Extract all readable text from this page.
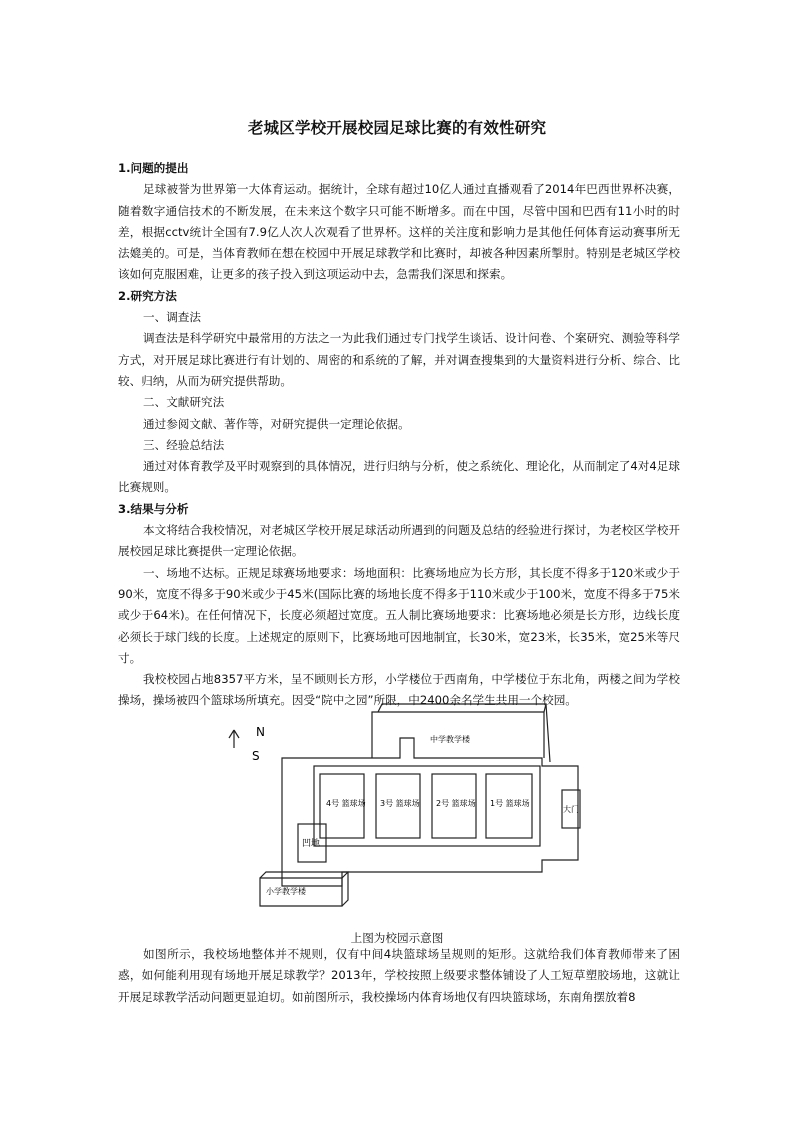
老城区学校开展校园足球比赛的有效性研究
1.问题的提出

足球被誉为世界第一大体育运动。据统计，全球有超过10亿人通过直播观看了2014年巴西世界杯决赛，随着数字通信技术的不断发展，在未来这个数字只可能不断增多。而在中国，尽管中国和巴西有11小时的时差，根据cctv统计全国有7.9亿人次人次观看了世界杯。这样的关注度和影响力是其他任何体育运动赛事所无法媲美的。可是，当体育教师在想在校园中开展足球教学和比赛时，却被各种因素所掣肘。特别是老城区学校该如何克服困难，让更多的孩子投入到这项运动中去，急需我们深思和探索。

2.研究方法

一、调查法

调查法是科学研究中最常用的方法之一为此我们通过专门找学生谈话、设计问卷、个案研究、测验等科学方式，对开展足球比赛进行有计划的、周密的和系统的了解，并对调查搜集到的大量资料进行分析、综合、比较、归纳，从而为研究提供帮助。

二、文献研究法

通过参阅文献、著作等，对研究提供一定理论依据。

三、经验总结法

通过对体育教学及平时观察到的具体情况，进行归纳与分析，使之系统化、理论化，从而制定了4对4足球比赛规则。

3.结果与分析

本文将结合我校情况，对老城区学校开展足球活动所遇到的问题及总结的经验进行探讨，为老校区学校开展校园足球比赛提供一定理论依据。

一、场地不达标。正规足球赛场地要求：场地面积：比赛场地应为长方形，其长度不得多于120米或少于90米，宽度不得多于90米或少于45米(国际比赛的场地长度不得多于110米或少于100米，宽度不得多于75米或少于64米)。在任何情况下，长度必须超过宽度。五人制比赛场地要求：比赛场地必须是长方形，边线长度必须长于球门线的长度。上述规定的原则下，比赛场地可因地制宜，长30米，宽23米，长35米，宽25米等尺寸。

我校校园占地8357平方米，呈不顾则长方形，小学楼位于西南角，中学楼位于东北角，两楼之间为学校操场，操场被四个篮球场所填充。因受“院中之园”所限，中2400余名学生共用一个校园。

N
S
中学教学楼
小学教学楼
4号 篮球场 3号 篮球场 2号 篮球场 1号 篮球场
大门
凹地
上图为校园示意图

如图所示，我校场地整体并不规则，仅有中间4块篮球场呈规则的矩形。这就给我们体育教师带来了困惑，如何能利用现有场地开展足球教学？2013年，学校按照上级要求整体铺设了人工短草塑胶场地，这就让开展足球教学活动问题更显迫切。如前图所示，我校操场内体育场地仅有四块篮球场，东南角摆放着8
